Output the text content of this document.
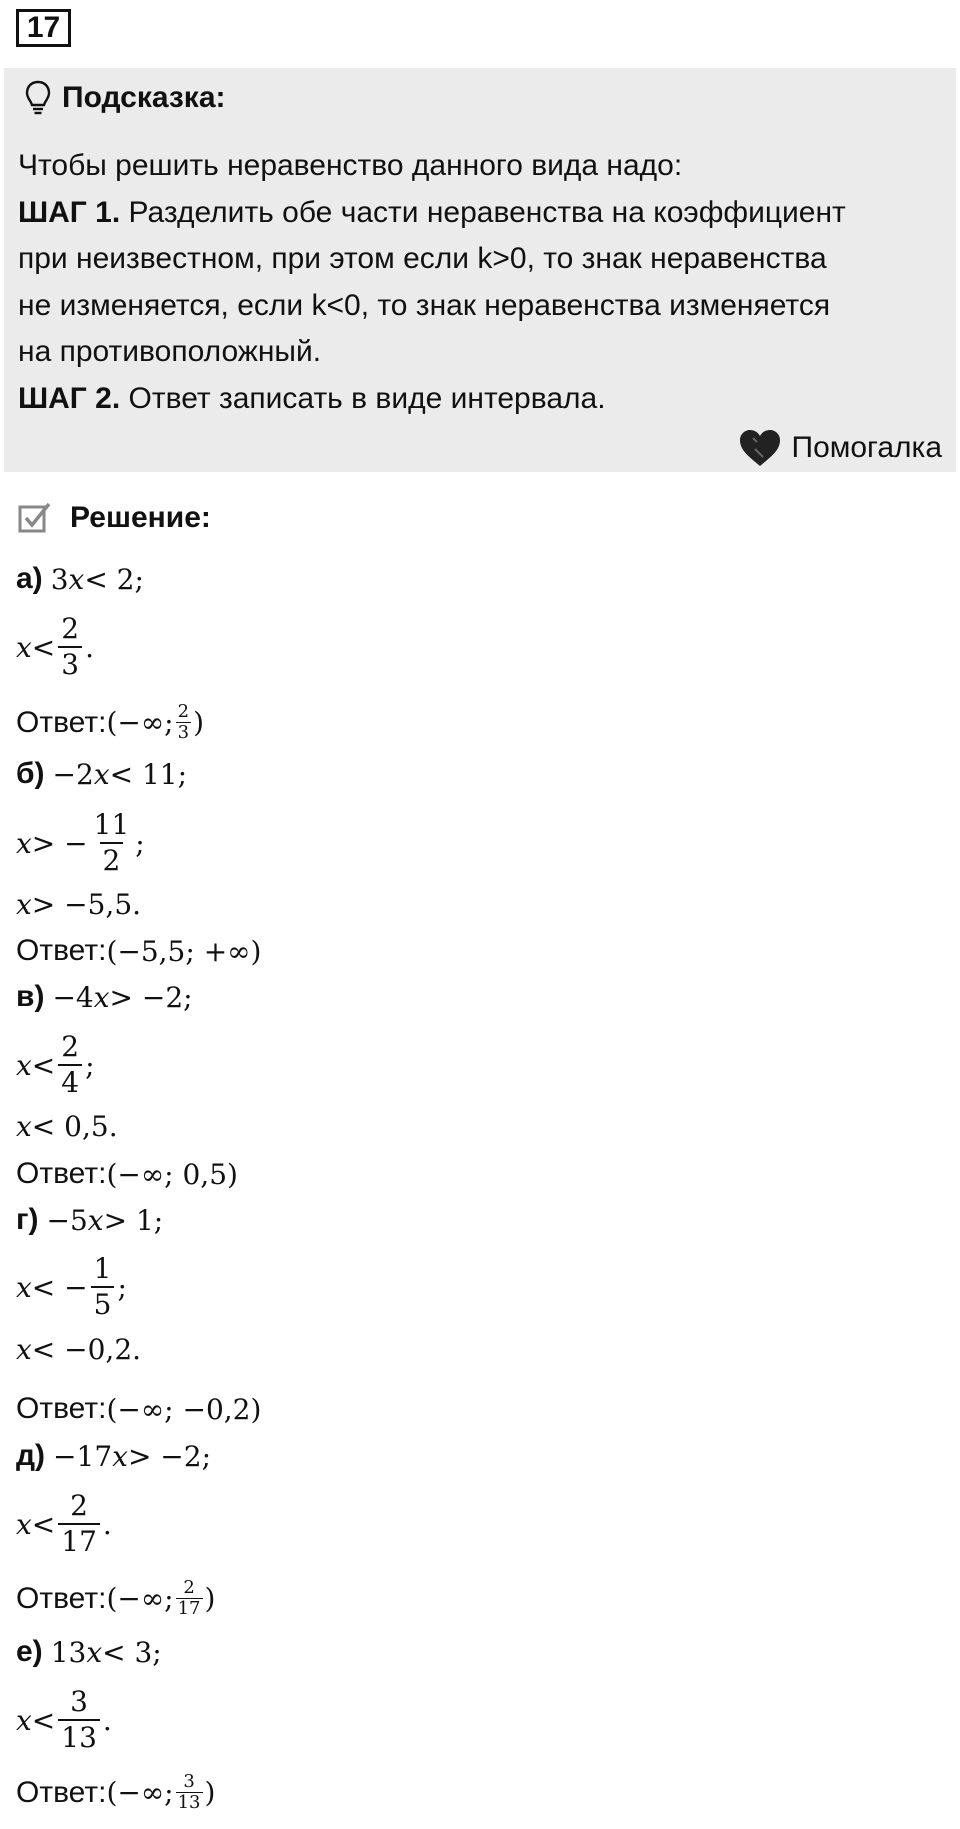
17
Подсказка:

Чтобы решить неравенство данного вида надо:

ШАГ 1. Разделить обе части неравенства на коэффициент

при неизвестном, при этом если k>0, то знак неравенства

не изменяется, если k<0, то знак неравенства изменяется

на противоположный.

ШАГ 2. Ответ записать в виде интервала.

Помогалка
Решение:
а) 3 x < 2;
$x < \frac{2}{3}$ .
Ответ: (−∞; $\frac{2}{3}$ )
б) −2 x < 11;
x > − $\frac{11}{2}$ ;
x > −5,5.
Ответ: (−5,5; +∞)
в) −4 x > −2;
$x < \frac{2}{4}$ ;
x < 0,5.
Ответ: (−∞; 0,5)
г) −5 x > 1;
x < − $\frac{1}{5}$ ;
x < −0,2.
Ответ: (−∞; −0,2)
д) −17 x > −2;
$x < \frac{2}{17}$ .
Ответ: (−∞; $\frac{2}{17}$ )
е) 13 x < 3;
$x < \frac{3}{13}$ .
Ответ: (−∞; $\frac{3}{13}$ )
